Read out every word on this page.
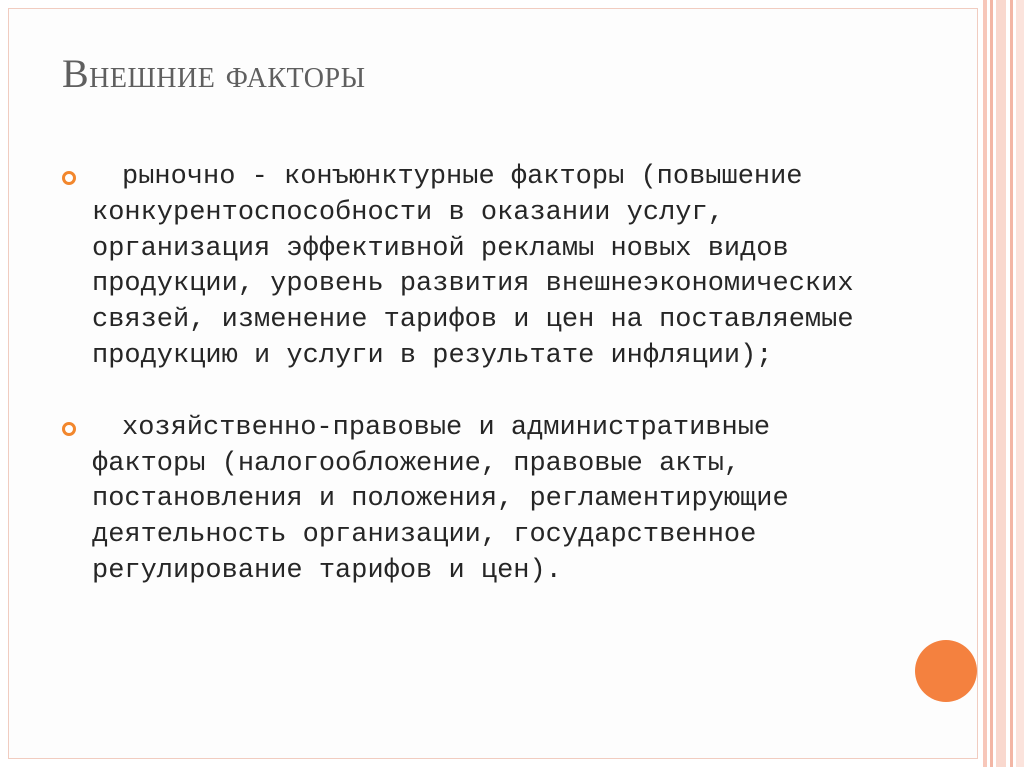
Внешние факторы
рыночно - конъюнктурные факторы (повышение конкурентоспособности в оказании услуг, организация эффективной рекламы новых видов продукции, уровень развития внешнеэкономических связей, изменение тарифов и цен на поставляемые продукцию и услуги в результате инфляции);
хозяйственно-правовые и административные факторы (налогообложение, правовые акты, постановления и положения, регламентирующие деятельность организации, государственное регулирование тарифов и цен).
